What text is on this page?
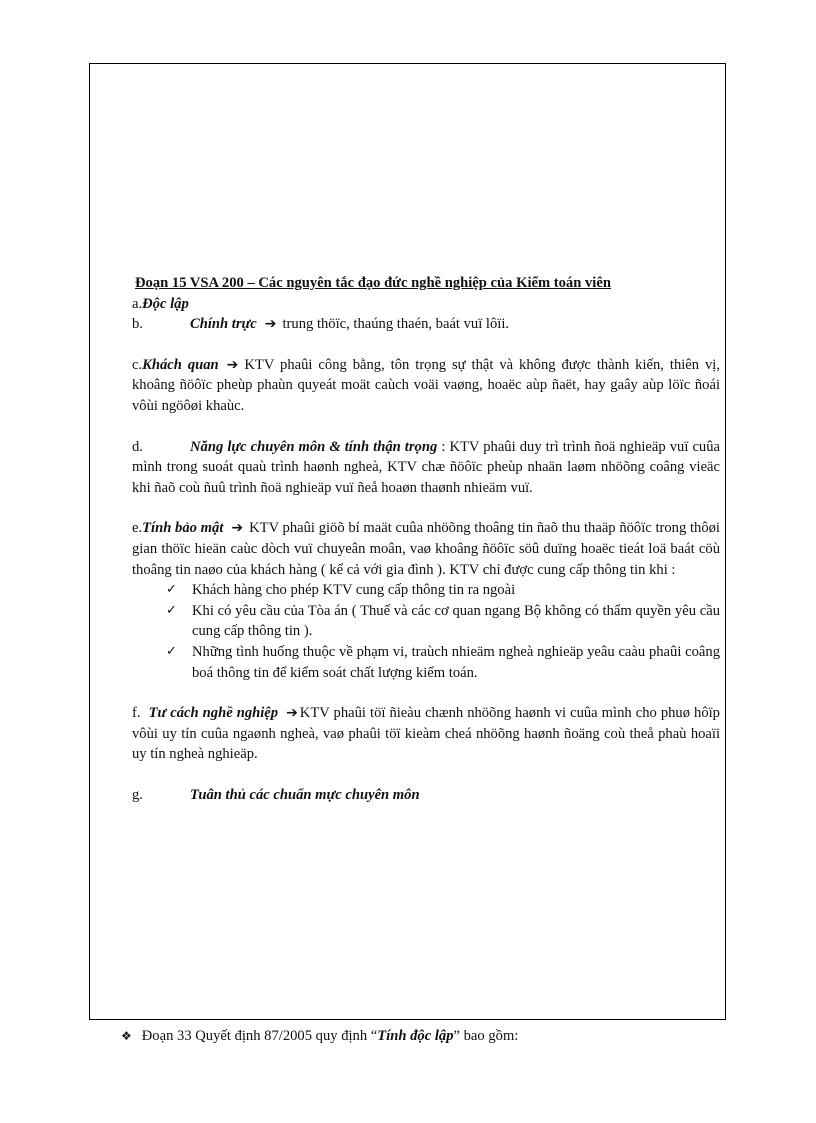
Đoạn 15 VSA 200 – Các nguyên tắc đạo đức nghề nghiệp của Kiểm toán viên

a.Độc lập

b.	Chính trực ➔ trung thöïc, thaúng thaén, baát vuï lôïi.

c.Khách quan ➔ KTV phaûi công bằng, tôn trọng sự thật và không được thành kiến, thiên vị, khoâng ñöôïc pheùp phaùn quyeát moät caùch voäi vaøng, hoaëc aùp ñaët, hay gaây aùp löïc ñoái vôùi ngöôøi khaùc.

d.	Năng lực chuyên môn & tính thận trọng : KTV phaûi duy trì trình ñoä nghieäp vuï cuûa mình trong suoát quaù trình haønh ngheà, KTV chæ ñöôïc pheùp nhaän laøm nhöõng coâng vieäc khi ñaõ coù ñuû trình ñoä nghieäp vuï ñeå hoaøn thaønh nhieäm vuï.

e.Tính bảo mật ➔ KTV phaûi giöõ bí maät cuûa nhöõng thoâng tin ñaõ thu thaäp ñöôïc trong thôøi gian thöïc hieän caùc dòch vuï chuyeân moân, vaø khoâng ñöôïc söû duïng hoaëc tieát loä baát cöù thoâng tin naøo của khách hàng ( kể cả với gia đình ). KTV chỉ được cung cấp thông tin khi :

✓ Khách hàng cho phép KTV cung cấp thông tin ra ngoài
✓ Khi có yêu cầu của Tòa án ( Thuế và các cơ quan ngang Bộ không có thẩm quyền yêu cầu cung cấp thông tin ).
✓ Những tình huống thuộc về phạm vi, traùch nhieäm ngheà nghieäp yeâu caàu phaûi coâng boá thông tin để kiểm soát chất lượng kiểm toán.

f. Tư cách nghề nghiệp ➔ KTV phaûi töï ñieàu chænh nhöõng haønh vi cuûa mình cho phuø hôïp vôùi uy tín cuûa ngaønh ngheà, vaø phaûi töï kieàm cheá nhöõng haønh ñoäng coù theå phaù hoaïi uy tín ngheà nghieäp.

g.	Tuân thủ các chuẩn mực chuyên môn

❖ Đoạn 33 Quyết định 87/2005 quy định “Tính độc lập” bao gồm:
